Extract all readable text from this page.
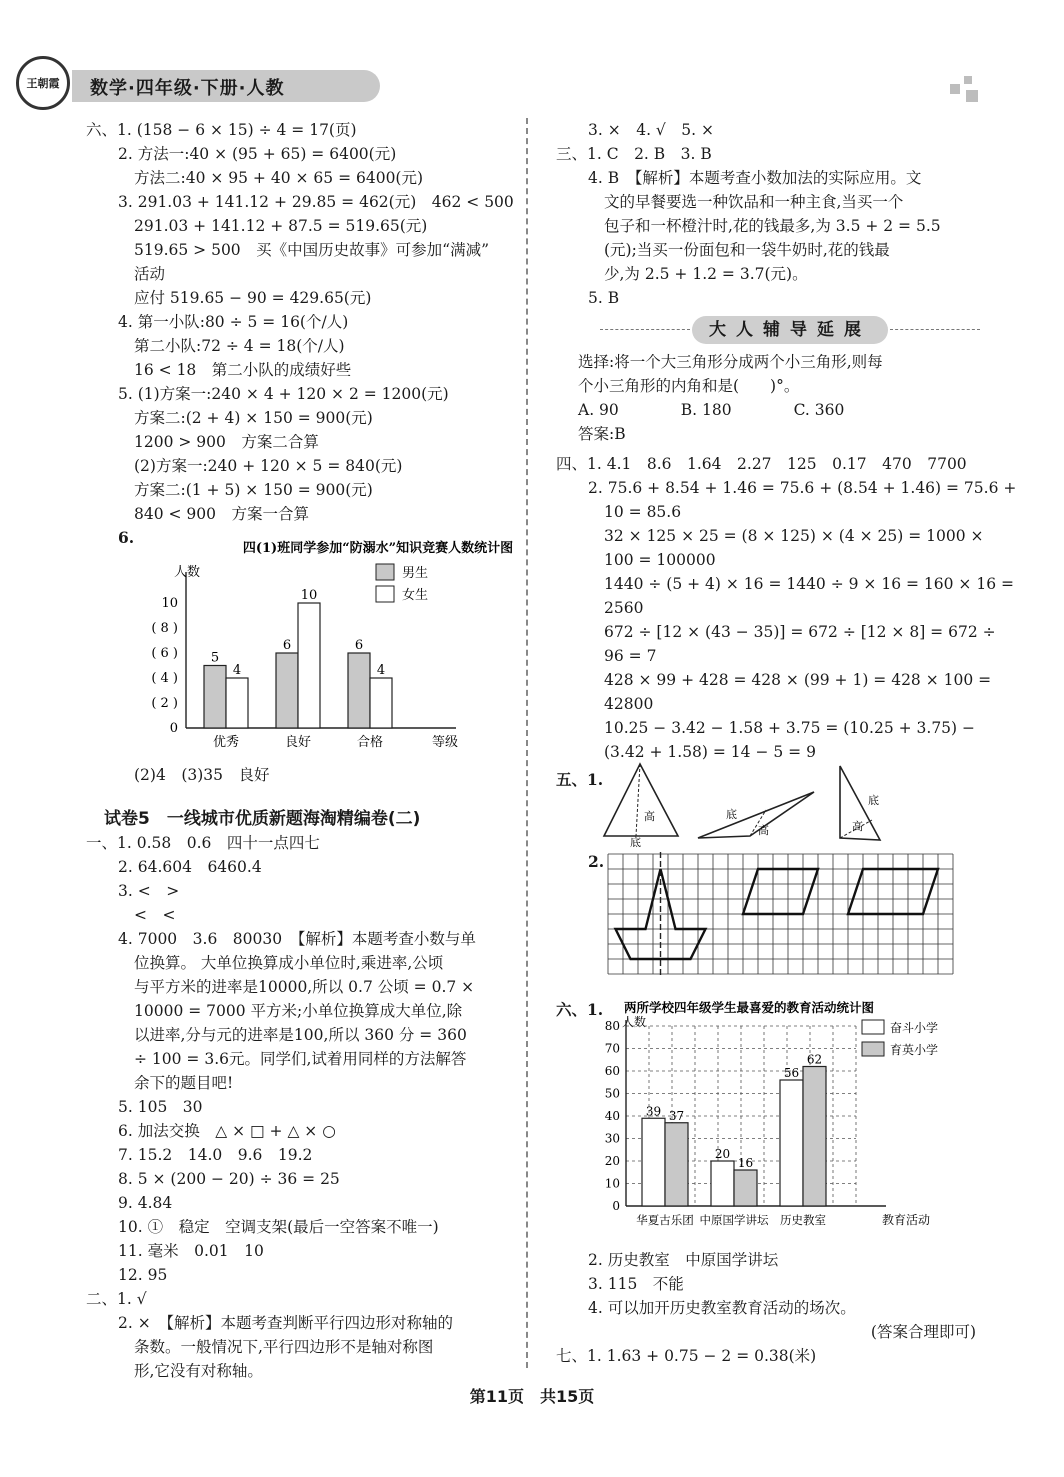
王朝霞	数学·四年级·下册·人教
六、1. (158 − 6 × 15) ÷ 4 = 17(页)
2. 方法一:40 × (95 + 65) = 6400(元)
方法二:40 × 95 + 40 × 65 = 6400(元)
3. 291.03 + 141.12 + 29.85 = 462(元)　462 < 500
291.03 + 141.12 + 87.5 = 519.65(元)
519.65 > 500　买《中国历史故事》可参加“满减”
活动
应付 519.65 − 90 = 429.65(元)
4. 第一小队:80 ÷ 5 = 16(个/人)
第二小队:72 ÷ 4 = 18(个/人)
16 < 18　第二小队的成绩好些
5. (1)方案一:240 × 4 + 120 × 2 = 1200(元)
方案二:(2 + 4) × 150 = 900(元)
1200 > 900　方案二合算
(2)方案一:240 + 120 × 5 = 840(元)
方案二:(1 + 5) × 150 = 900(元)
840 < 900　方案一合算
6.
四(1)班同学参加“防溺水”知识竞赛人数统计图
人数
等级
0
( 2 )
( 4 )
( 6 )
( 8 )
10
5
4
优秀
6
10
良好
6
4
合格
男生
女生
(2)4　(3)35　良好
试卷5　一线城市优质新题海淘精编卷(二)
一、1. 0.58　0.6　四十一点四七
2. 64.604　6460.4
3. <　>
<　<
4. 7000　3.6　80030　【解析】本题考查小数与单
位换算。 大单位换算成小单位时,乘进率,公顷
与平方米的进率是10000,所以 0.7 公顷 = 0.7 ×
10000 = 7000 平方米;小单位换算成大单位,除
以进率,分与元的进率是100,所以 360 分 = 360
÷ 100 = 3.6元。同学们,试着用同样的方法解答
余下的题目吧!
5. 105　30
6. 加法交换　△ × □ + △ × ○
7. 15.2　14.0　9.6　19.2
8. 5 × (200 − 20) ÷ 36 = 25
9. 4.84
10. ①　稳定　空调支架(最后一空答案不唯一)
11. 毫米　0.01　10
12. 95
二、1. √
2. ×　【解析】本题考查判断平行四边形对称轴的
条数。一般情况下,平行四边形不是轴对称图
形,它没有对称轴。
3. ×　4. √　5. ×
三、1. C　2. B　3. B
4. B　【解析】本题考查小数加法的实际应用。文
文的早餐要选一种饮品和一种主食,当买一个
包子和一杯橙汁时,花的钱最多,为 3.5 + 2 = 5.5
(元);当买一份面包和一袋牛奶时,花的钱最
少,为 2.5 + 1.2 = 3.7(元)。
5. B
大人辅导延展
选择:将一个大三角形分成两个小三角形,则每
个小三角形的内角和是(　　)°。
A. 90　　　　B. 180　　　　C. 360
答案:B
四、1. 4.1　8.6　1.64　2.27　125　0.17　470　7700
2. 75.6 + 8.54 + 1.46 = 75.6 + (8.54 + 1.46) = 75.6 +
10 = 85.6
32 × 125 × 25 = (8 × 125) × (4 × 25) = 1000 ×
100 = 100000
1440 ÷ (5 + 4) × 16 = 1440 ÷ 9 × 16 = 160 × 16 =
2560
672 ÷ [12 × (43 − 35)] = 672 ÷ [12 × 8] = 672 ÷
96 = 7
428 × 99 + 428 = 428 × (99 + 1) = 428 × 100 =
42800
10.25 − 3.42 − 1.58 + 3.75 = (10.25 + 3.75) −
(3.42 + 1.58) = 14 − 5 = 9
五、1.
高
底
底
高
底
高
2.
六、1. 两所学校四年级学生最喜爱的教育活动统计图
人数
0
10
20
30
40
50
60
70
80
教育活动
39 37
华夏古乐团
20
16
中原国学讲坛
56
62
历史教室
奋斗小学
育英小学
2. 历史教室　中原国学讲坛
3. 115　不能
4. 可以加开历史教室教育活动的场次。
(答案合理即可)
七、1. 1.63 + 0.75 − 2 = 0.38(米)
第11页　共15页
